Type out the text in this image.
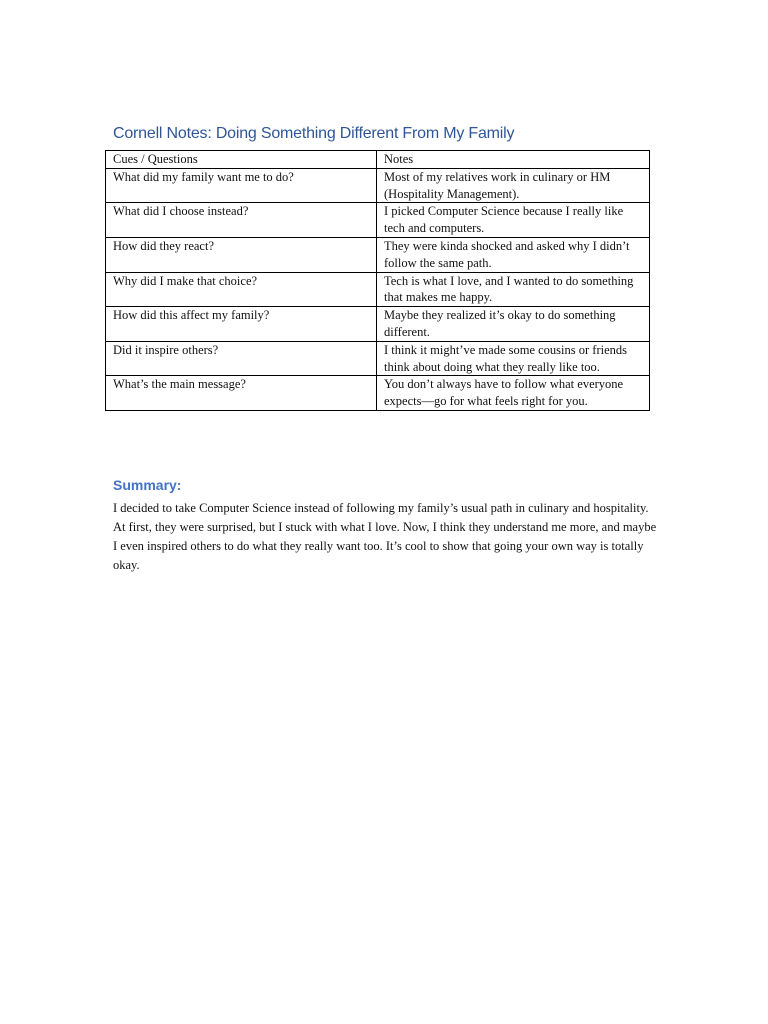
Cornell Notes: Doing Something Different From My Family
Cues / Questions	Notes
What did my family want me to do?	Most of my relatives work in culinary or HM (Hospitality Management).
What did I choose instead?	I picked Computer Science because I really like tech and computers.
How did they react?	They were kinda shocked and asked why I didn’t follow the same path.
Why did I make that choice?	Tech is what I love, and I wanted to do something that makes me happy.
How did this affect my family?	Maybe they realized it’s okay to do something different.
Did it inspire others?	I think it might’ve made some cousins or friends think about doing what they really like too.
What’s the main message?	You don’t always have to follow what everyone expects—go for what feels right for you.
Summary:
I decided to take Computer Science instead of following my family’s usual path in culinary and hospitality. At first, they were surprised, but I stuck with what I love. Now, I think they understand me more, and maybe I even inspired others to do what they really want too. It’s cool to show that going your own way is totally okay.
